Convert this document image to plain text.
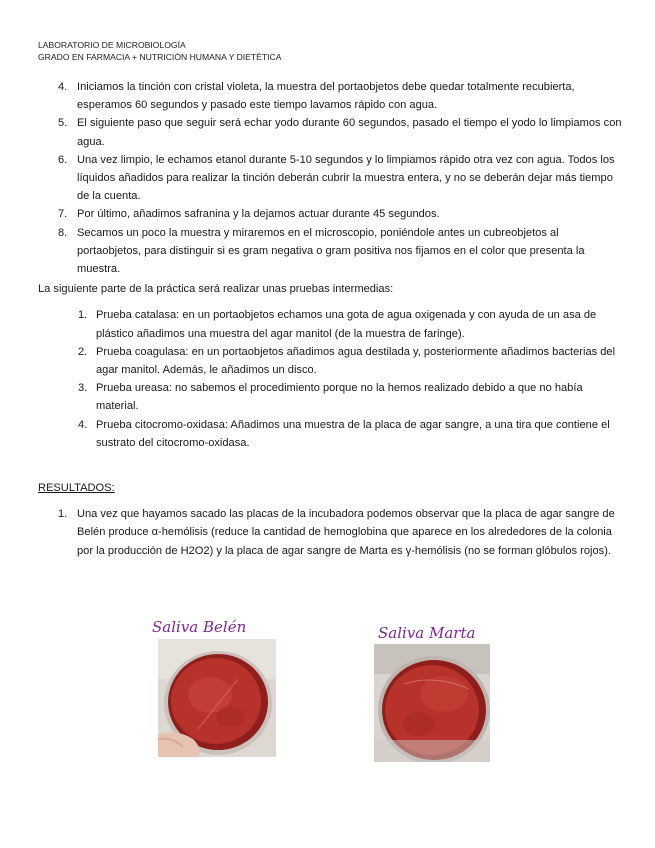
LABORATORIO DE MICROBIOLOGÍA
GRADO EN FARMACIA + NUTRICIÓN HUMANA Y DIETÉTICA
4. Iniciamos la tinción con cristal violeta, la muestra del portaobjetos debe quedar totalmente recubierta, esperamos 60 segundos y pasado este tiempo lavamos rápido con agua.
5. El siguiente paso que seguir será echar yodo durante 60 segundos, pasado el tiempo el yodo lo limpiamos con agua.
6. Una vez limpio, le echamos etanol durante 5-10 segundos y lo limpiamos rápido otra vez con agua. Todos los líquidos añadidos para realizar la tinción deberán cubrir la muestra entera, y no se deberán dejar más tiempo de la cuenta.
7. Por último, añadimos safranina y la dejamos actuar durante 45 segundos.
8. Secamos un poco la muestra y miraremos en el microscopio, poniéndole antes un cubreobjetos al portaobjetos, para distinguir si es gram negativa o gram positiva nos fijamos en el color que presenta la muestra.
La siguiente parte de la práctica será realizar unas pruebas intermedias:
1. Prueba catalasa: en un portaobjetos echamos una gota de agua oxigenada y con ayuda de un asa de plástico añadimos una muestra del agar manitol (de la muestra de faringe).
2. Prueba coagulasa: en un portaobjetos añadimos agua destilada y, posteriormente añadimos bacterias del agar manitol. Además, le añadimos un disco.
3. Prueba ureasa: no sabemos el procedimiento porque no la hemos realizado debido a que no había material.
4. Prueba citocromo-oxidasa: Añadimos una muestra de la placa de agar sangre, a una tira que contiene el sustrato del citocromo-oxidasa.
RESULTADOS:
1. Una vez que hayamos sacado las placas de la incubadora podemos observar que la placa de agar sangre de Belén produce α-hemólisis (reduce la cantidad de hemoglobina que aparece en los alrededores de la colonia por la producción de H2O2) y la placa de agar sangre de Marta es γ-hemólisis (no se forman glóbulos rojos).
Saliva Belén	Saliva Marta
